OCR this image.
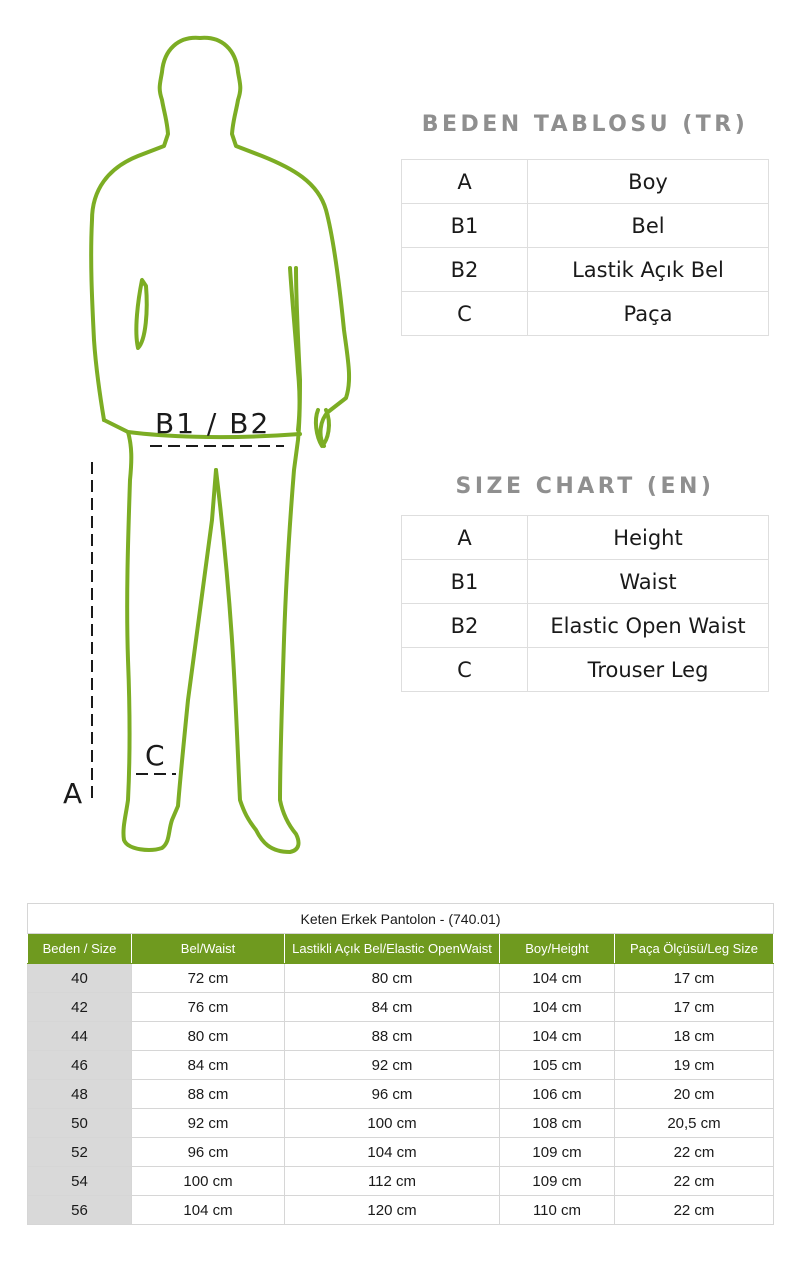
B1 / B2
C
A
BEDEN TABLOSU (TR)
A	Boy
B1	Bel
B2	Lastik Açık Bel
C	Paça
SIZE CHART (EN)
A	Height
B1	Waist
B2	Elastic Open Waist
C	Trouser Leg
Keten Erkek Pantolon - (740.01)				
Beden / Size	Bel/Waist	Lastikli Açık Bel/Elastic OpenWaist	Boy/Height	Paça Ölçüsü/Leg Size
40	72 cm	80 cm	104 cm	17 cm
42	76 cm	84 cm	104 cm	17 cm
44	80 cm	88 cm	104 cm	18 cm
46	84 cm	92 cm	105 cm	19 cm
48	88 cm	96 cm	106 cm	20 cm
50	92 cm	100 cm	108 cm	20,5 cm
52	96 cm	104 cm	109 cm	22 cm
54	100 cm	112 cm	109 cm	22 cm
56	104 cm	120 cm	110 cm	22 cm
